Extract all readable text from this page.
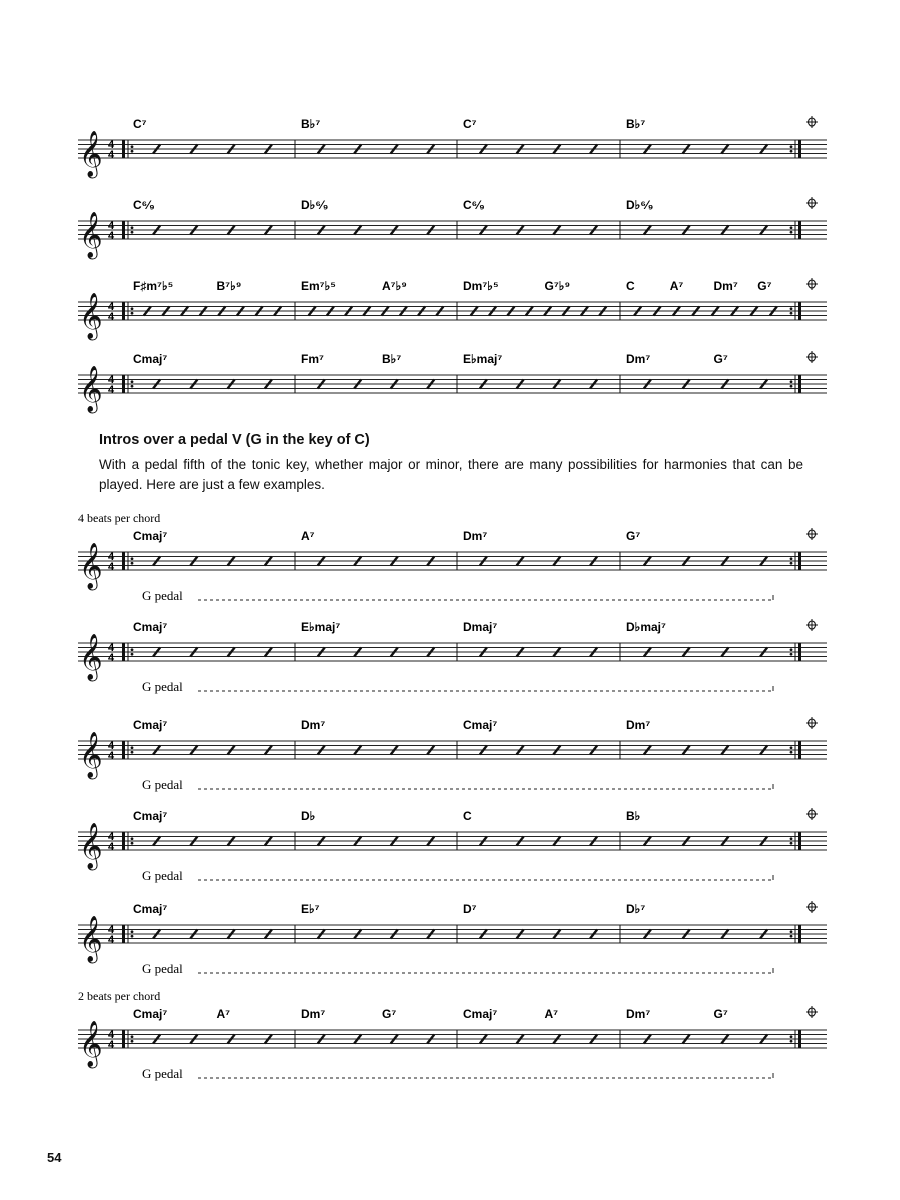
𝄞 4
4
C⁷	B♭⁷	C⁷	B♭⁷
𝄞 4
4
C⁶⁄₉	D♭⁶⁄₉	C⁶⁄₉	D♭⁶⁄₉
𝄞 4
4
F♯m⁷♭⁵	B⁷♭⁹	Em⁷♭⁵	A⁷♭⁹	Dm⁷♭⁵	G⁷♭⁹	C	A⁷	Dm⁷ G⁷
𝄞 4
4
Cmaj⁷	Fm⁷	B♭⁷	E♭maj⁷	Dm⁷	G⁷
𝄞 4
4
Cmaj⁷	A⁷	Dm⁷	G⁷
4 beats per chord
G pedal
𝄞 4
4
Cmaj⁷	E♭maj⁷	Dmaj⁷	D♭maj⁷
G pedal
𝄞 4
4
Cmaj⁷	Dm⁷	Cmaj⁷	Dm⁷
G pedal
𝄞 4
4
Cmaj⁷	D♭	C	B♭
G pedal
𝄞 4
4
Cmaj⁷	E♭⁷	D⁷	D♭⁷
G pedal
𝄞 4
4
Cmaj⁷	A⁷	Dm⁷	G⁷	Cmaj⁷	A⁷	Dm⁷	G⁷
2 beats per chord
G pedal
Intros over a pedal V (G in the key of C)

With a pedal fifth of the tonic key, whether major or minor, there are many possibilities for harmonies that can be played. Here are just a few examples.

54
